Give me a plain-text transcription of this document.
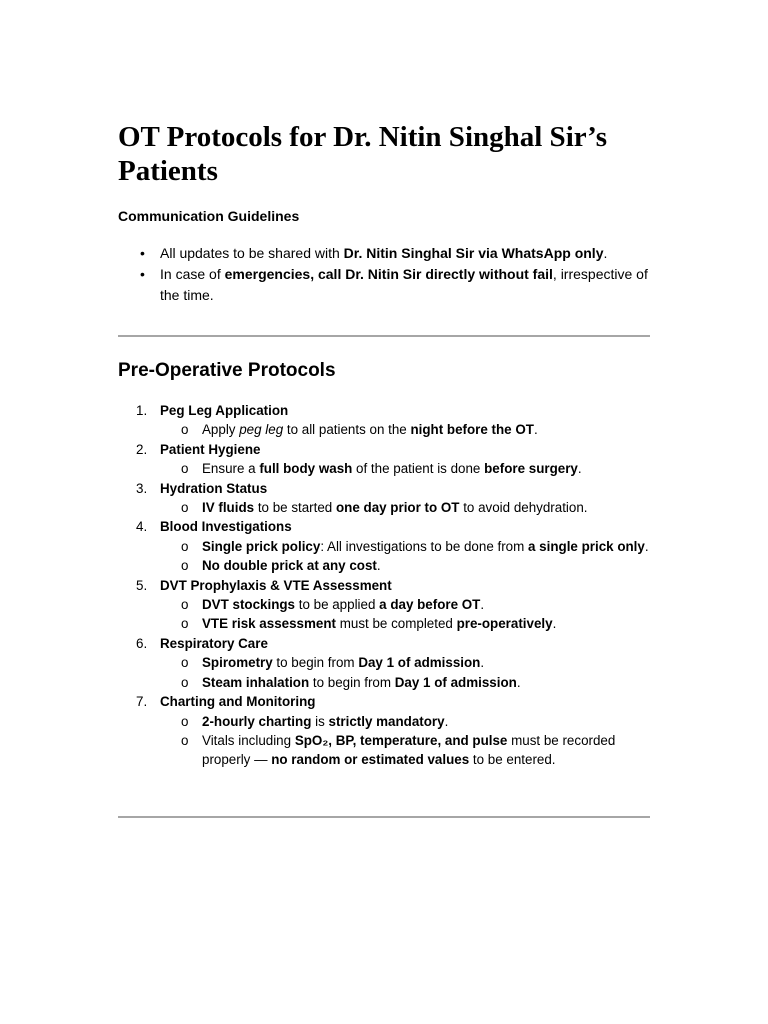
OT Protocols for Dr. Nitin Singhal Sir’s Patients
Communication Guidelines
• All updates to be shared with Dr. Nitin Singhal Sir via WhatsApp only.
• In case of emergencies, call Dr. Nitin Sir directly without fail, irrespective of the time.
Pre-Operative Protocols
1. Peg Leg Application
o Apply peg leg to all patients on the night before the OT.
2. Patient Hygiene
o Ensure a full body wash of the patient is done before surgery.
3. Hydration Status
o IV fluids to be started one day prior to OT to avoid dehydration.
4. Blood Investigations
o Single prick policy: All investigations to be done from a single prick only.
o No double prick at any cost.
5. DVT Prophylaxis & VTE Assessment
o DVT stockings to be applied a day before OT.
o VTE risk assessment must be completed pre-operatively.
6. Respiratory Care
o Spirometry to begin from Day 1 of admission.
o Steam inhalation to begin from Day 1 of admission.
7. Charting and Monitoring
o 2-hourly charting is strictly mandatory.
o Vitals including SpO₂, BP, temperature, and pulse must be recorded properly — no random or estimated values to be entered.
